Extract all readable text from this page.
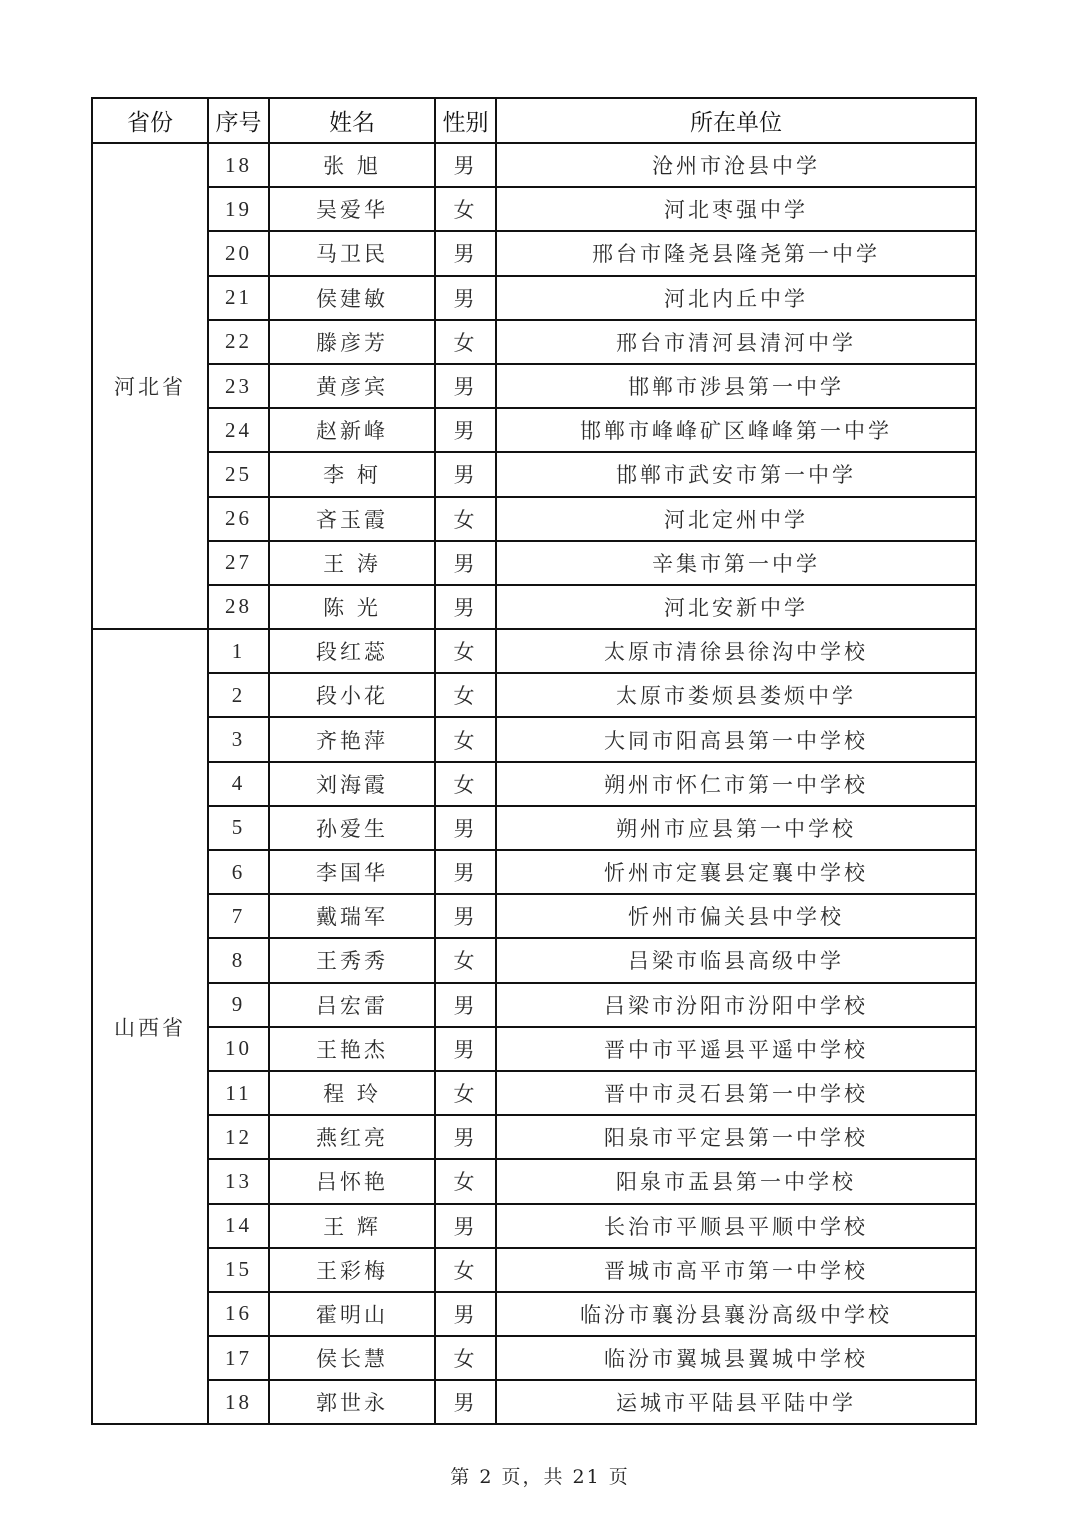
省份	序号	姓名	性别	所在单位
河北省	18	张 旭	男	沧州市沧县中学
	19	吴爱华	女	河北枣强中学
	20	马卫民	男	邢台市隆尧县隆尧第一中学
	21	侯建敏	男	河北内丘中学
	22	滕彦芳	女	邢台市清河县清河中学
	23	黄彦宾	男	邯郸市涉县第一中学
	24	赵新峰	男	邯郸市峰峰矿区峰峰第一中学
	25	李 柯	男	邯郸市武安市第一中学
	26	吝玉霞	女	河北定州中学
	27	王 涛	男	辛集市第一中学
	28	陈 光	男	河北安新中学
山西省	1	段红蕊	女	太原市清徐县徐沟中学校
	2	段小花	女	太原市娄烦县娄烦中学
	3	齐艳萍	女	大同市阳高县第一中学校
	4	刘海霞	女	朔州市怀仁市第一中学校
	5	孙爱生	男	朔州市应县第一中学校
	6	李国华	男	忻州市定襄县定襄中学校
	7	戴瑞军	男	忻州市偏关县中学校
	8	王秀秀	女	吕梁市临县高级中学
	9	吕宏雷	男	吕梁市汾阳市汾阳中学校
	10	王艳杰	男	晋中市平遥县平遥中学校
	11	程 玲	女	晋中市灵石县第一中学校
	12	燕红亮	男	阳泉市平定县第一中学校
	13	吕怀艳	女	阳泉市盂县第一中学校
	14	王 辉	男	长治市平顺县平顺中学校
	15	王彩梅	女	晋城市高平市第一中学校
	16	霍明山	男	临汾市襄汾县襄汾高级中学校
	17	侯长慧	女	临汾市翼城县翼城中学校
	18	郭世永	男	运城市平陆县平陆中学
第 2 页，共 21 页
